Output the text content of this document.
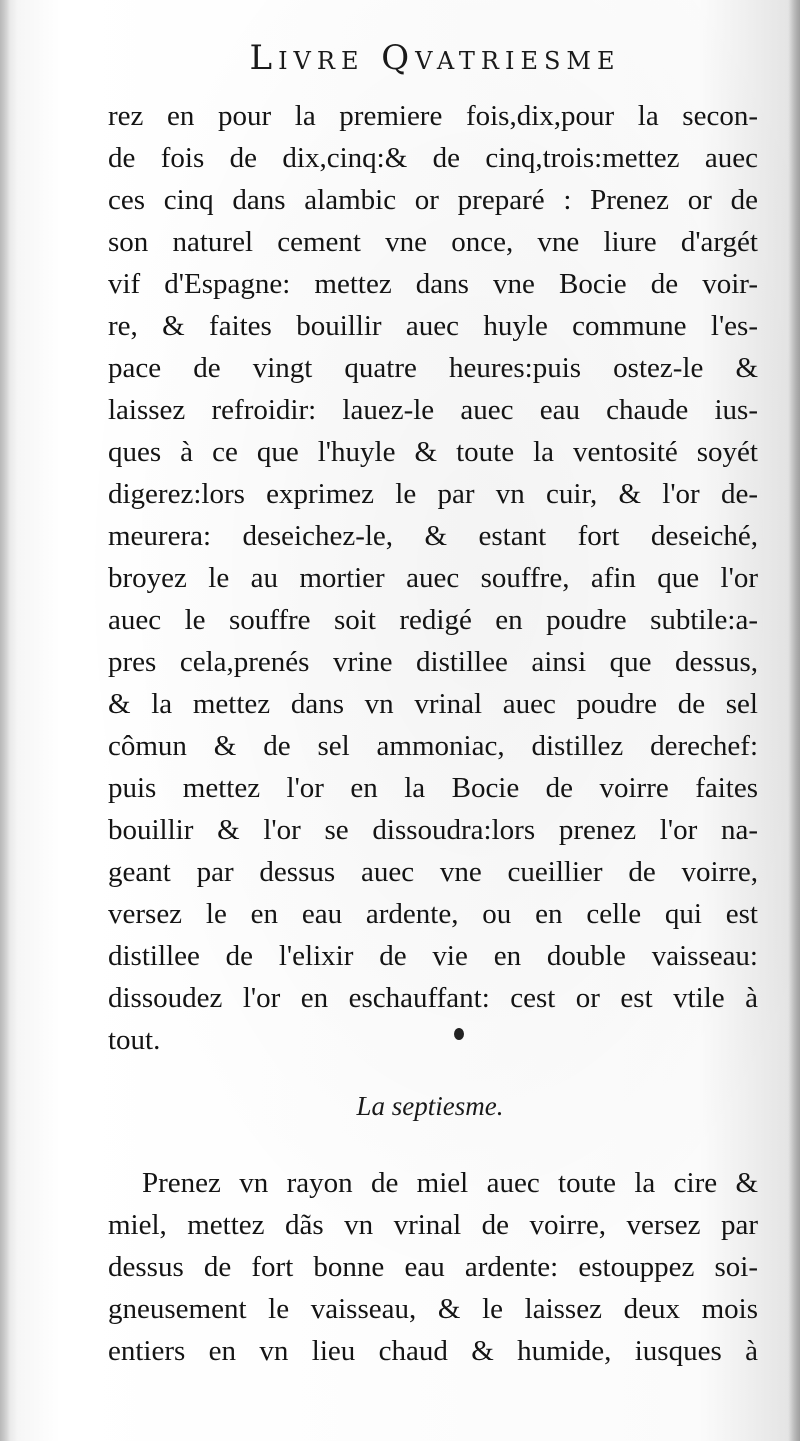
Livre Qvatriesme
rez en pour la premiere fois,dix,pour la secon-
de fois de dix,cinq:& de cinq,trois:mettez auec
ces cinq dans alambic or preparé : Prenez or de
son naturel cement vne once, vne liure d'argét
vif d'Espagne: mettez dans vne Bocie de voir-
re, & faites bouillir auec huyle commune l'es-
pace de vingt quatre heures:puis ostez-le &
laissez refroidir: lauez-le auec eau chaude ius-
ques à ce que l'huyle & toute la ventosité soyét
digerez:lors exprimez le par vn cuir, & l'or de-
meurera: deseichez-le, & estant fort deseiché,
broyez le au mortier auec souffre, afin que l'or
auec le souffre soit redigé en poudre subtile:a-
pres cela,prenés vrine distillee ainsi que dessus,
& la mettez dans vn vrinal auec poudre de sel
cômun & de sel ammoniac, distillez derechef:
puis mettez l'or en la Bocie de voirre faites
bouillir & l'or se dissoudra:lors prenez l'or na-
geant par dessus auec vne cueillier de voirre,
versez le en eau ardente, ou en celle qui est
distillee de l'elixir de vie en double vaisseau:
dissoudez l'or en eschauffant: cest or est vtile à
tout.
La septiesme.
Prenez vn rayon de miel auec toute la cire &
miel, mettez dãs vn vrinal de voirre, versez par
dessus de fort bonne eau ardente: estouppez soi-
gneusement le vaisseau, & le laissez deux mois
entiers en vn lieu chaud & humide, iusques à
